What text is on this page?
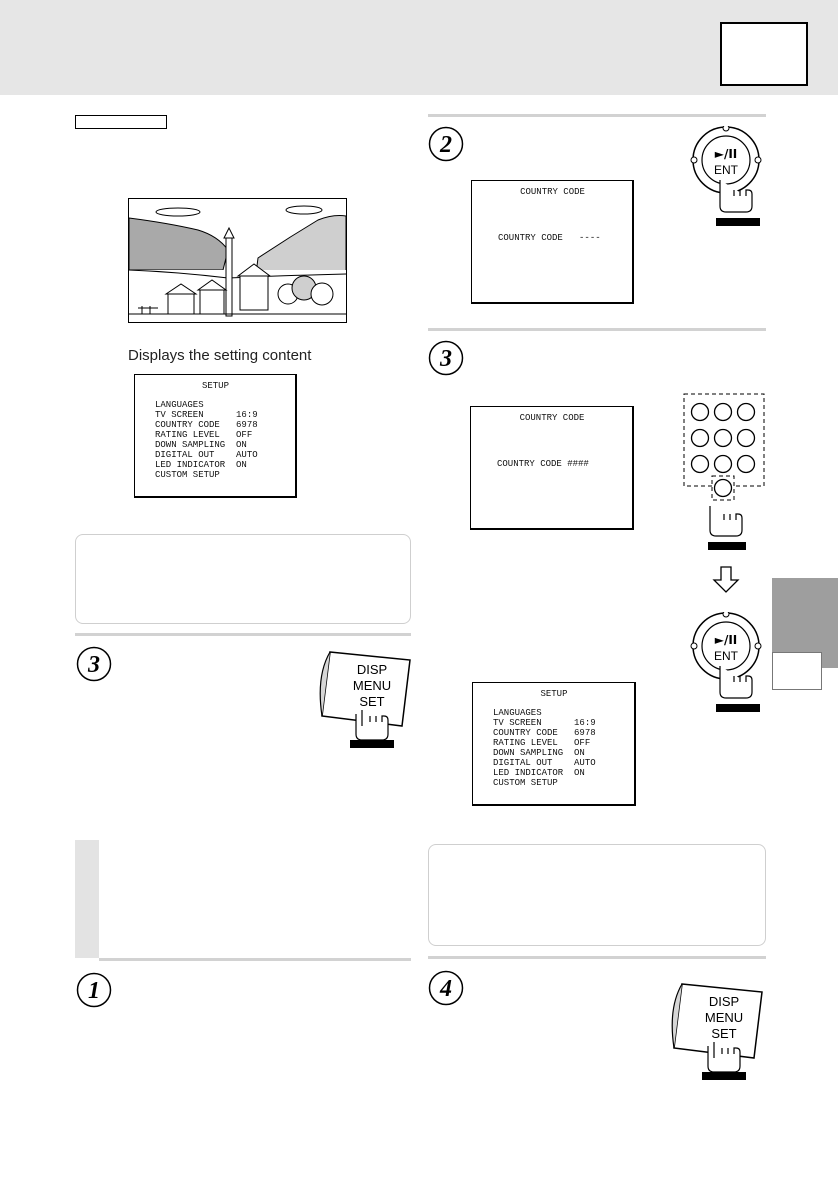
Displays the setting content
SETUP
LANGUAGES
TV SCREEN      16:9
COUNTRY CODE   6978
RATING LEVEL   OFF
DOWN SAMPLING  ON
DIGITAL OUT    AUTO
LED INDICATOR  ON
CUSTOM SETUP
3	DISP
MENU
SET
1
2	►/II
ENT
COUNTRY CODE
COUNTRY CODE   ----
3
COUNTRY CODE
COUNTRY CODE ####
►/II
ENT
SETUP
LANGUAGES
TV SCREEN      16:9
COUNTRY CODE   6978
RATING LEVEL   OFF
DOWN SAMPLING  ON
DIGITAL OUT    AUTO
LED INDICATOR  ON
CUSTOM SETUP
4	DISP
MENU
SET
